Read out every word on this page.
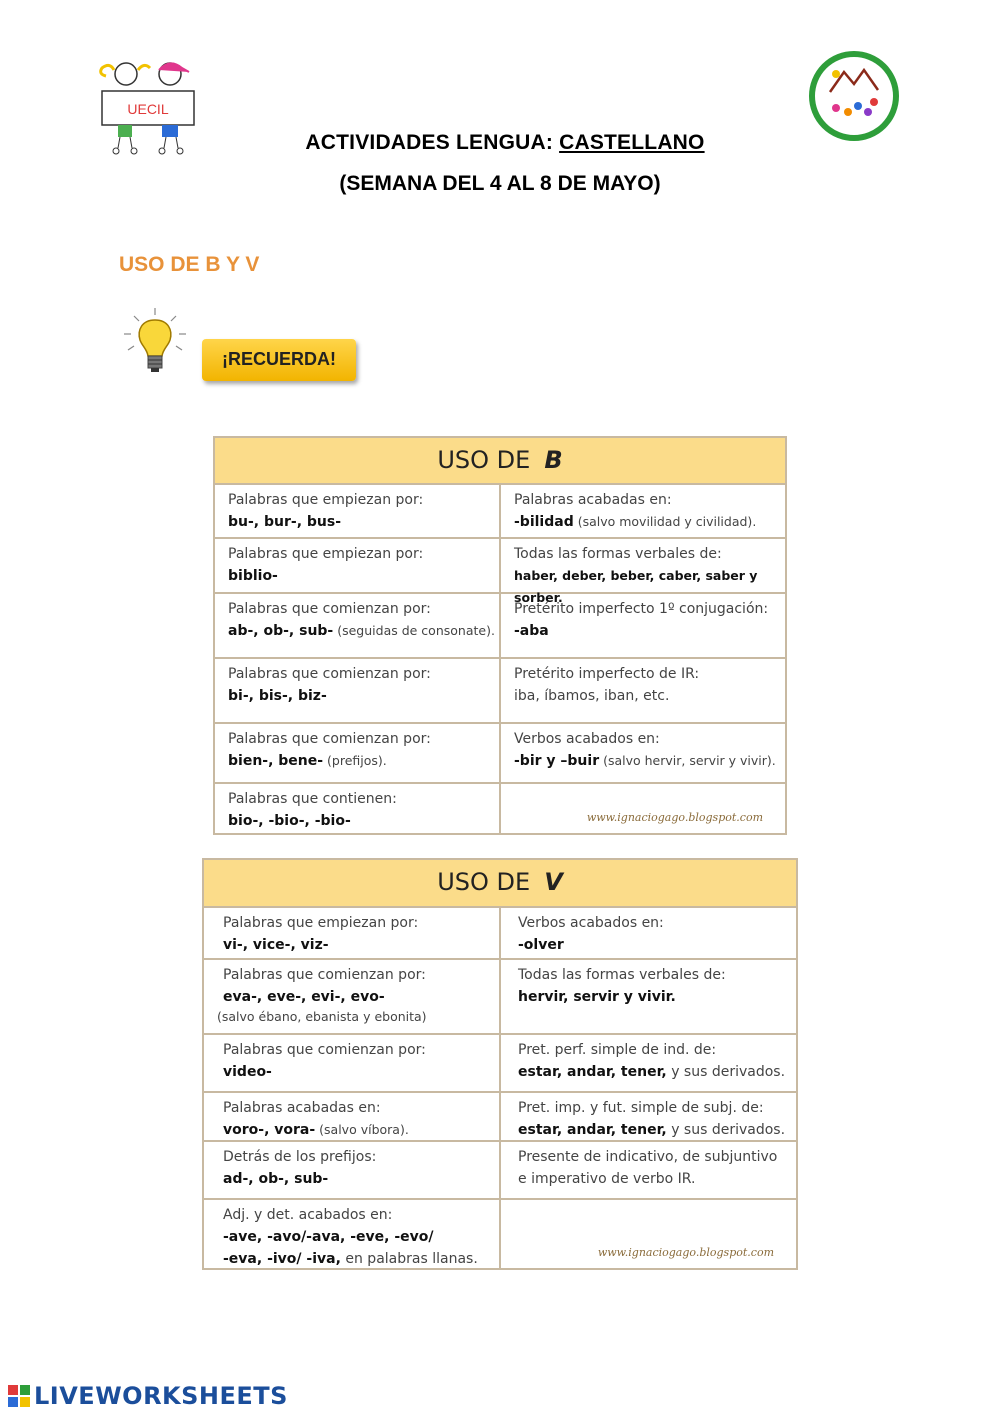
UECIL
ACTIVIDADES LENGUA: CASTELLANO
(SEMANA DEL 4 AL 8 DE MAYO)
USO DE B Y V
¡RECUERDA!
USO DE B
Palabras que empiezan por:
bu-, bur-, bus-
Palabras acabadas en:
-bilidad (salvo movilidad y civilidad).
Palabras que empiezan por:
biblio-
Todas las formas verbales de:
haber, deber, beber, caber, saber y sorber.
Palabras que comienzan por:
ab-, ob-, sub- (seguidas de consonate).
Pretérito imperfecto 1º conjugación:
-aba
Palabras que comienzan por:
bi-, bis-, biz-
Pretérito imperfecto de IR:
iba, íbamos, iban, etc.
Palabras que comienzan por:
bien-, bene- (prefijos).
Verbos acabados en:
-bir y –buir (salvo hervir, servir y vivir).
Palabras que contienen:
bio-, -bio-, -bio-	www.ignaciogago.blogspot.com
USO DE V
Palabras que empiezan por:
vi-, vice-, viz-
Verbos acabados en:
-olver
Palabras que comienzan por:
eva-, eve-, evi-, evo-
(salvo ébano, ebanista y ebonita)
Todas las formas verbales de:
hervir, servir y vivir.
Palabras que comienzan por:
video-
Pret. perf. simple de ind. de:
estar, andar, tener, y sus derivados.
Palabras acabadas en:
voro-, vora- (salvo víbora).
Pret. imp. y fut. simple de subj. de:
estar, andar, tener, y sus derivados.
Detrás de los prefijos:
ad-, ob-, sub-
Presente de indicativo, de subjuntivo
e imperativo de verbo IR.
Adj. y det. acabados en:
-ave, -avo/-ava, -eve, -evo/
-eva, -ivo/ -iva, en palabras llanas.	www.ignaciogago.blogspot.com
LIVEWORKSHEETS
